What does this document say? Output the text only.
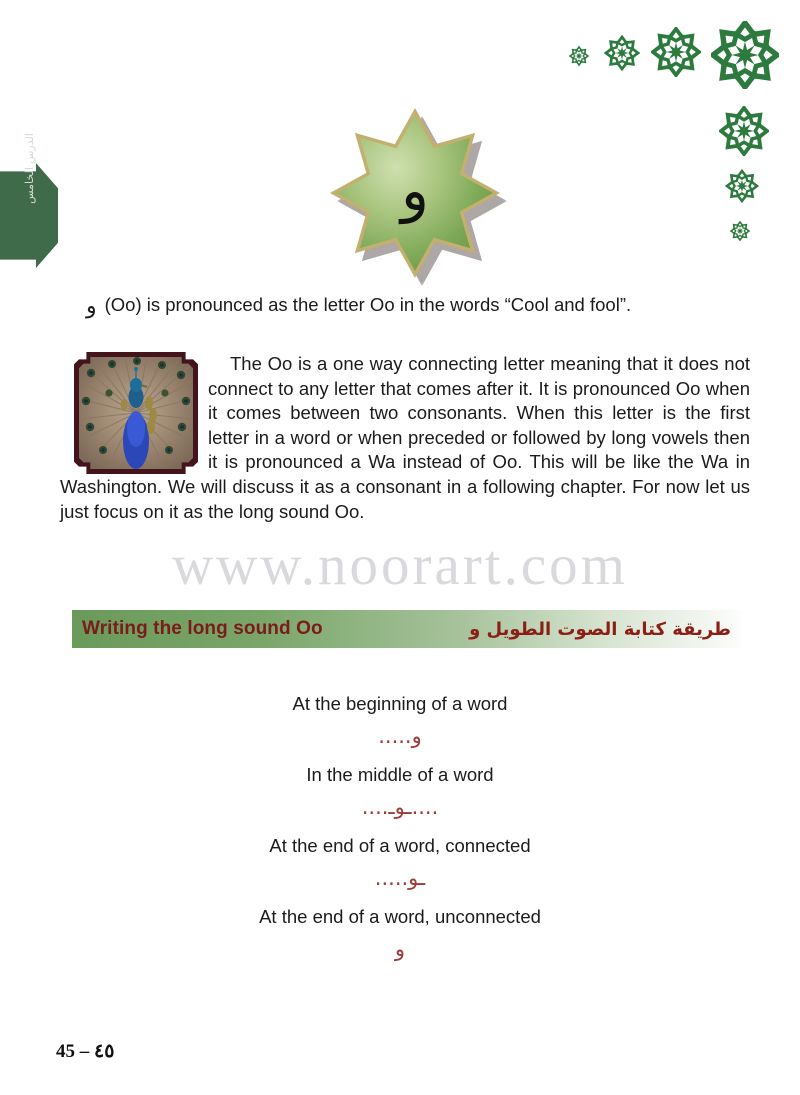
الدرس الخامس	و
و (Oo) is pronounced as the letter Oo in the words “Cool and fool”.
The Oo is a one way connecting letter meaning that it does not connect to any letter that comes after it. It is pronounced Oo when it comes between two consonants. When this letter is the first letter in a word or when preceded or followed by long vowels then it is pronounced a Wa instead of Oo. This will be like the Wa in Washington. We will discuss it as a consonant in a following chapter. For now let us just focus on it as the long sound Oo.
www.noorart.com
Writing the long sound Oo	طريقة كتابة الصوت الطويل و
At the beginning of a word
و.....
In the middle of a word
....ـوـ....
At the end of a word, connected
ـو.....
At the end of a word, unconnected
و
45 – ٤٥
